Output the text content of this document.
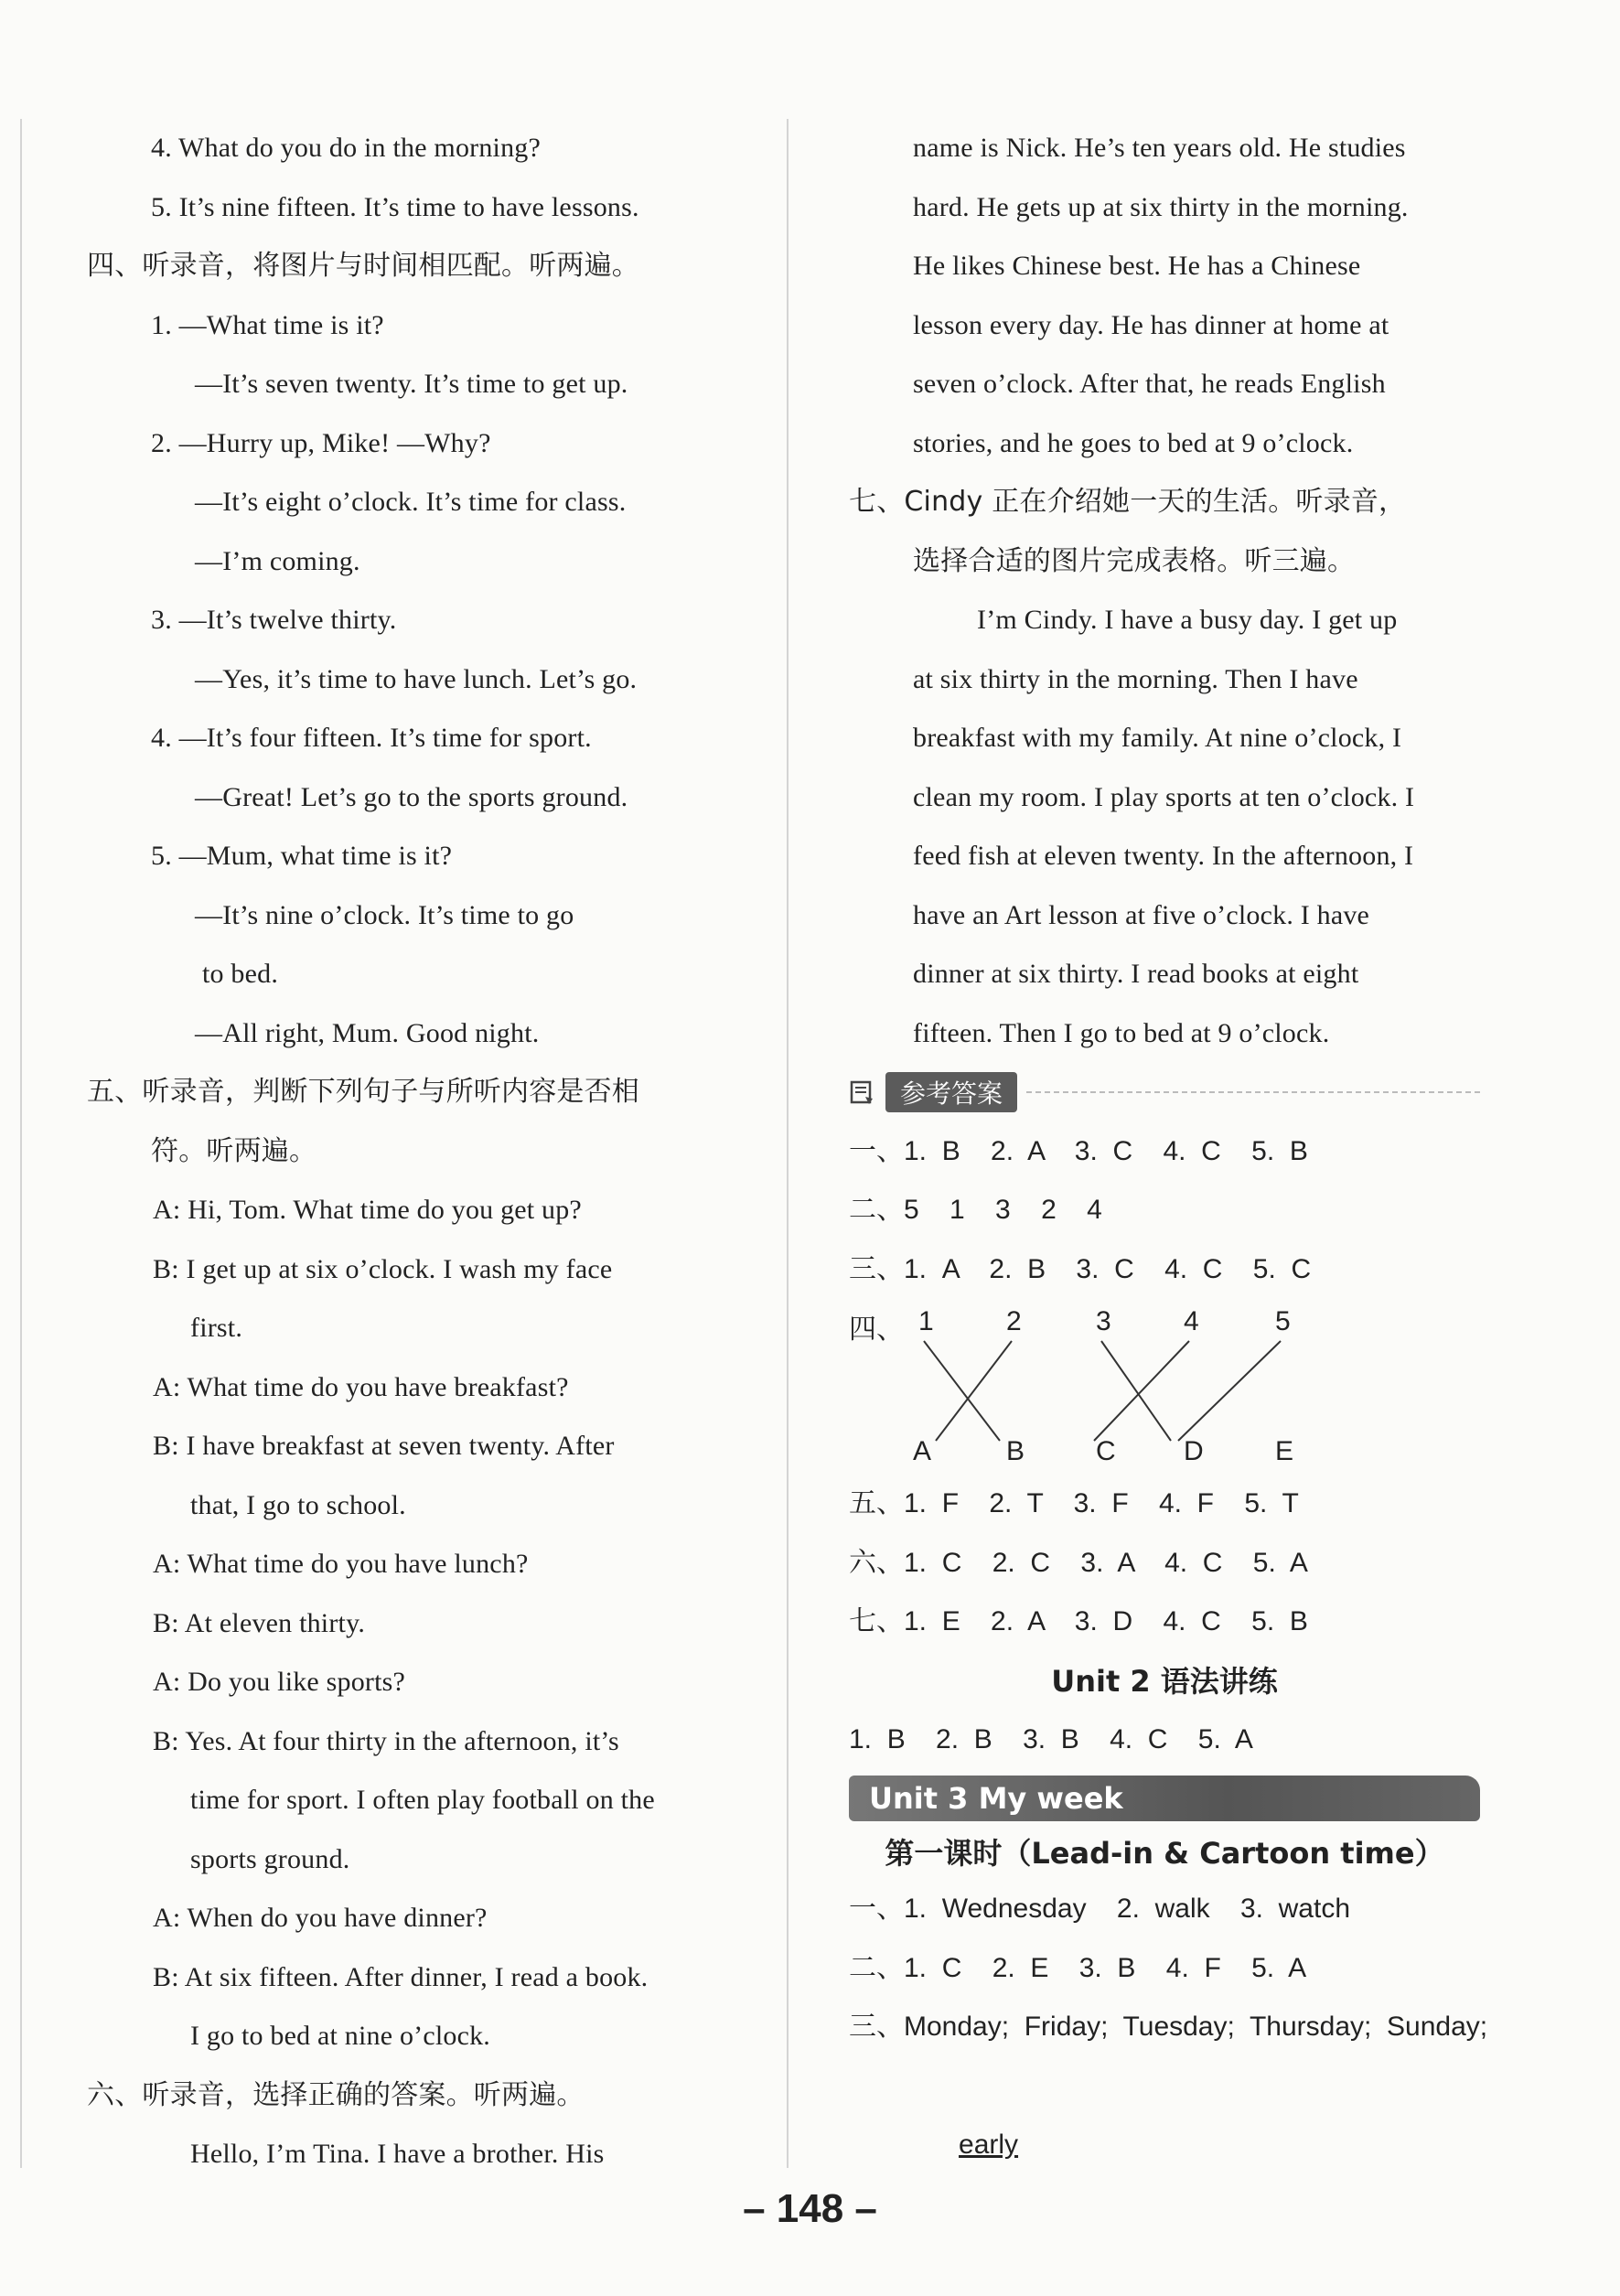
4. What do you do in the morning?
5. It’s nine fifteen. It’s time to have lessons.
四、听录音，将图片与时间相匹配。听两遍。
1. —What time is it?
—It’s seven twenty. It’s time to get up.
2. —Hurry up, Mike! —Why?
—It’s eight o’clock. It’s time for class.
—I’m coming.
3. —It’s twelve thirty.
—Yes, it’s time to have lunch. Let’s go.
4. —It’s four fifteen. It’s time for sport.
—Great! Let’s go to the sports ground.
5. —Mum, what time is it?
—It’s nine o’clock. It’s time to go
to bed.
—All right, Mum. Good night.
五、听录音，判断下列句子与所听内容是否相
符。听两遍。
A: Hi, Tom. What time do you get up?
B: I get up at six o’clock. I wash my face
first.
A: What time do you have breakfast?
B: I have breakfast at seven twenty. After
that, I go to school.
A: What time do you have lunch?
B: At eleven thirty.
A: Do you like sports?
B: Yes. At four thirty in the afternoon, it’s
time for sport. I often play football on the
sports ground.
A: When do you have dinner?
B: At six fifteen. After dinner, I read a book.
I go to bed at nine o’clock.
六、听录音，选择正确的答案。听两遍。
Hello, I’m Tina. I have a brother. His
name is Nick. He’s ten years old. He studies
hard. He gets up at six thirty in the morning.
He likes Chinese best. He has a Chinese
lesson every day. He has dinner at home at
seven o’clock. After that, he reads English
stories, and he goes to bed at 9 o’clock.
七、Cindy 正在介绍她一天的生活。听录音，
选择合适的图片完成表格。听三遍。
I’m Cindy. I have a busy day. I get up
at six thirty in the morning. Then I have
breakfast with my family. At nine o’clock, I
clean my room. I play sports at ten o’clock. I
feed fish at eleven twenty. In the afternoon, I
have an Art lesson at five o’clock. I have
dinner at six thirty. I read books at eight
fifteen. Then I go to bed at 9 o’clock.
参考答案
一、1.  B    2.  A    3.  C    4.  C    5.  B
二、5    1    3    2    4
三、1.  A    2.  B    3.  C    4.  C    5.  C
四、 1	2	3	4	5
A	B	C D	E
五、1.  F    2.  T    3.  F    4.  F    5.  T
六、1.  C    2.  C    3.  A    4.  C    5.  A
七、1.  E    2.  A    3.  D    4.  C    5.  B
Unit 2 语法讲练
1.  B    2.  B    3.  B    4.  C    5.  A
Unit 3 My week
第一课时（Lead-in & Cartoon time）
一、1.  Wednesday    2.  walk    3.  watch
二、1.  C    2.  E    3.  B    4.  F    5.  A
三、Monday;  Friday;  Tuesday;  Thursday;  Sunday;

early

– 148 –
